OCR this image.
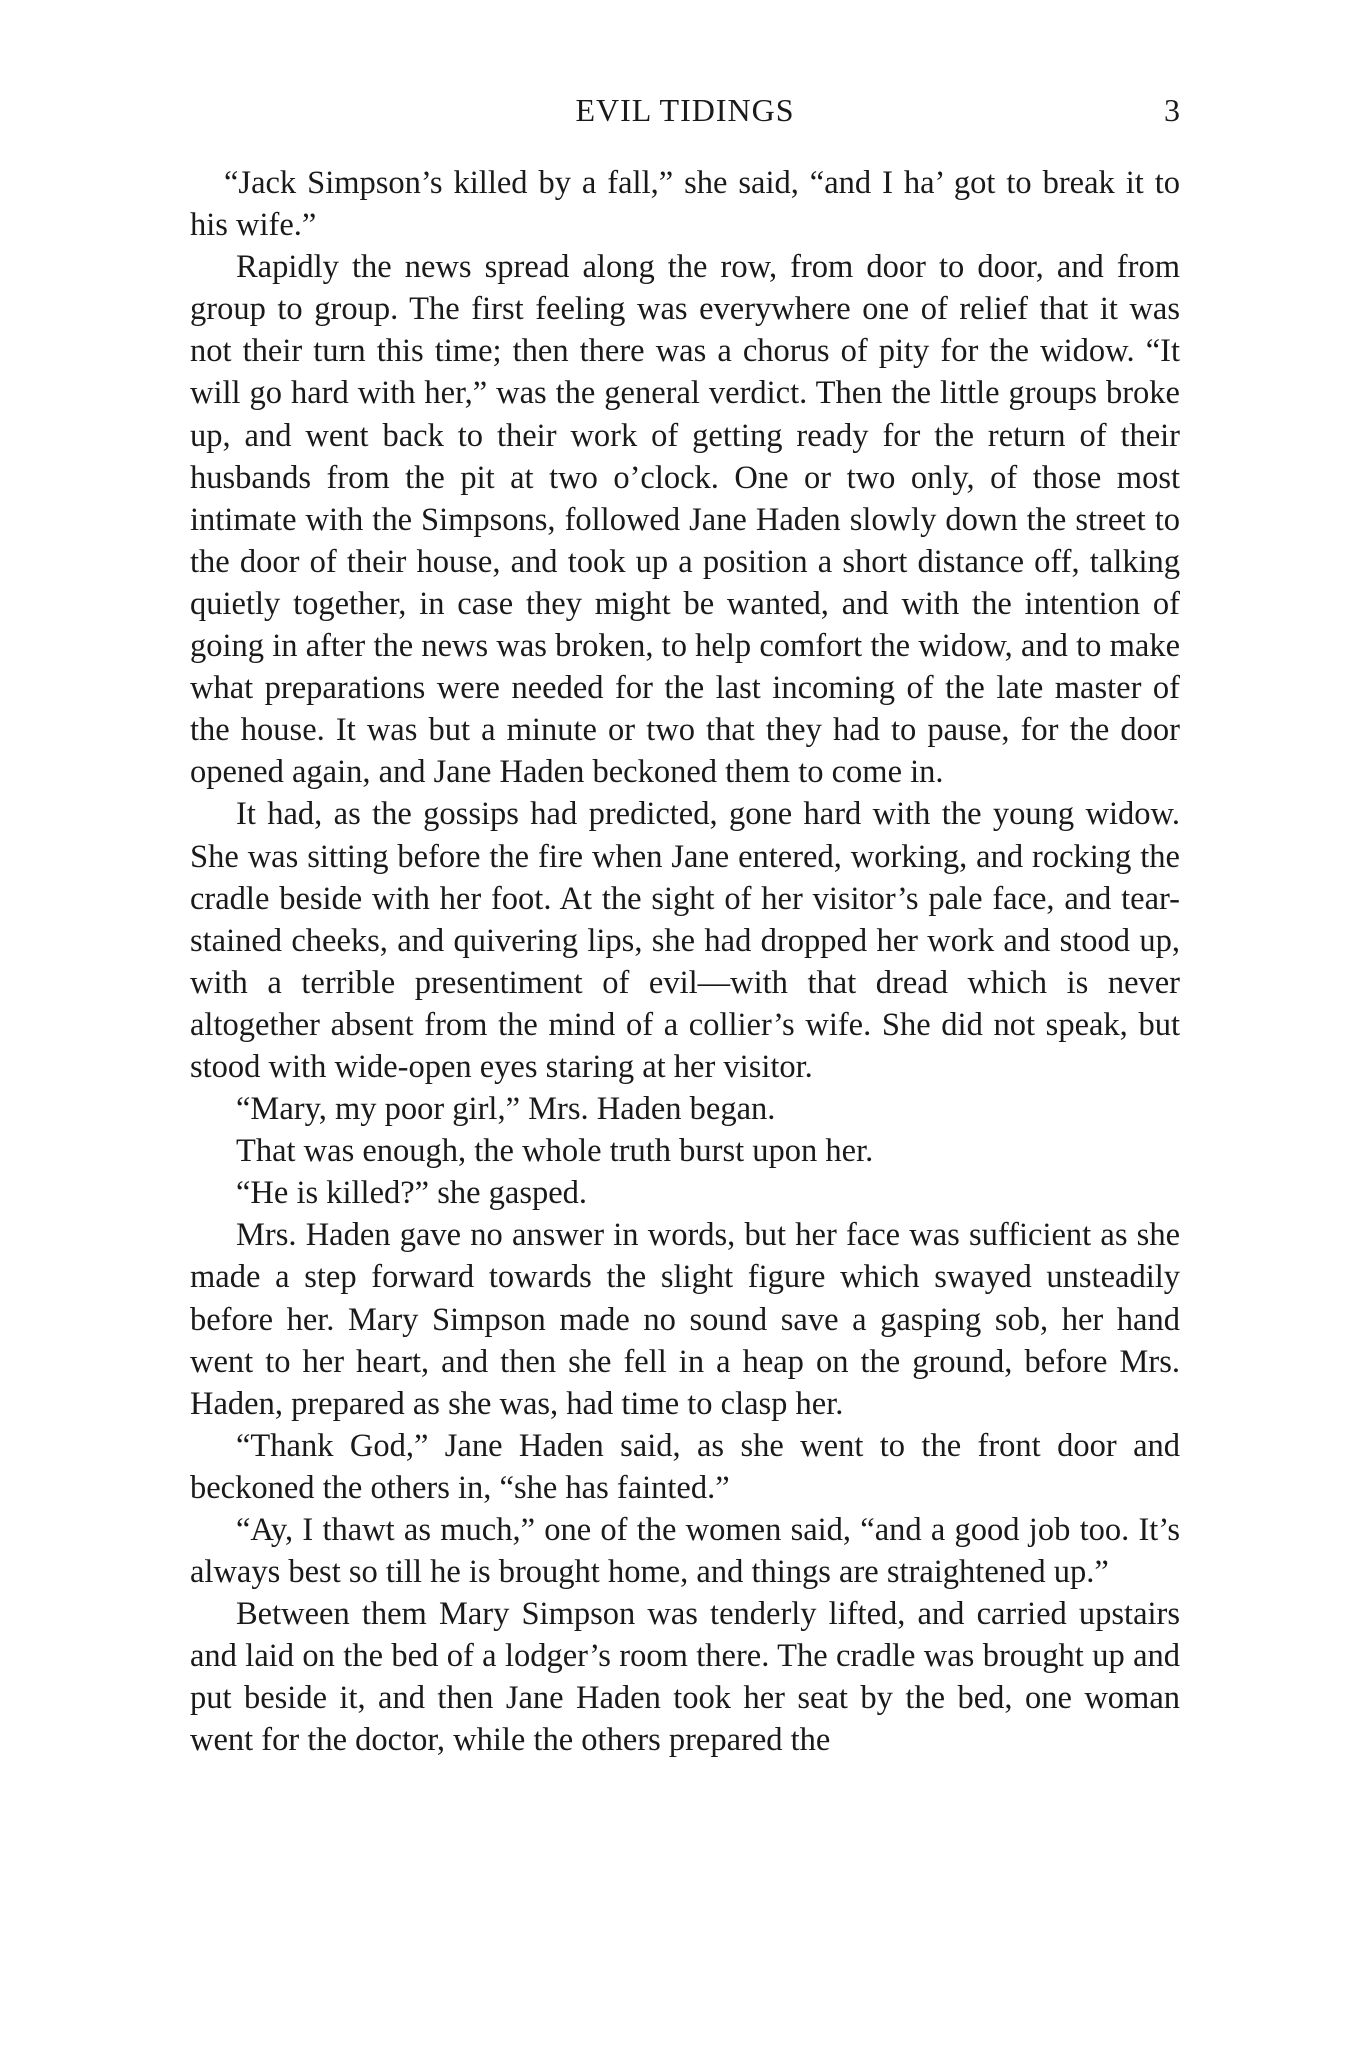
EVIL TIDINGS	3

“Jack Simpson’s killed by a fall,” she said, “and I ha’ got to break it to his wife.”

Rapidly the news spread along the row, from door to door, and from group to group. The first feeling was everywhere one of relief that it was not their turn this time; then there was a chorus of pity for the widow. “It will go hard with her,” was the general verdict. Then the little groups broke up, and went back to their work of getting ready for the return of their husbands from the pit at two o’clock. One or two only, of those most intimate with the Simpsons, followed Jane Haden slowly down the street to the door of their house, and took up a position a short distance off, talking quietly together, in case they might be wanted, and with the intention of going in after the news was broken, to help comfort the widow, and to make what preparations were needed for the last incoming of the late master of the house. It was but a minute or two that they had to pause, for the door opened again, and Jane Haden beckoned them to come in.

It had, as the gossips had predicted, gone hard with the young widow. She was sitting before the fire when Jane entered, working, and rocking the cradle beside with her foot. At the sight of her visitor’s pale face, and tear-stained cheeks, and quivering lips, she had dropped her work and stood up, with a terrible presentiment of evil—with that dread which is never altogether absent from the mind of a collier’s wife. She did not speak, but stood with wide-open eyes staring at her visitor.

“Mary, my poor girl,” Mrs. Haden began.

That was enough, the whole truth burst upon her.

“He is killed?” she gasped.

Mrs. Haden gave no answer in words, but her face was sufficient as she made a step forward towards the slight figure which swayed unsteadily before her. Mary Simpson made no sound save a gasping sob, her hand went to her heart, and then she fell in a heap on the ground, before Mrs. Haden, prepared as she was, had time to clasp her.

“Thank God,” Jane Haden said, as she went to the front door and beckoned the others in, “she has fainted.”

“Ay, I thawt as much,” one of the women said, “and a good job too. It’s always best so till he is brought home, and things are straightened up.”

Between them Mary Simpson was tenderly lifted, and carried upstairs and laid on the bed of a lodger’s room there. The cradle was brought up and put beside it, and then Jane Haden took her seat by the bed, one woman went for the doctor, while the others prepared the
